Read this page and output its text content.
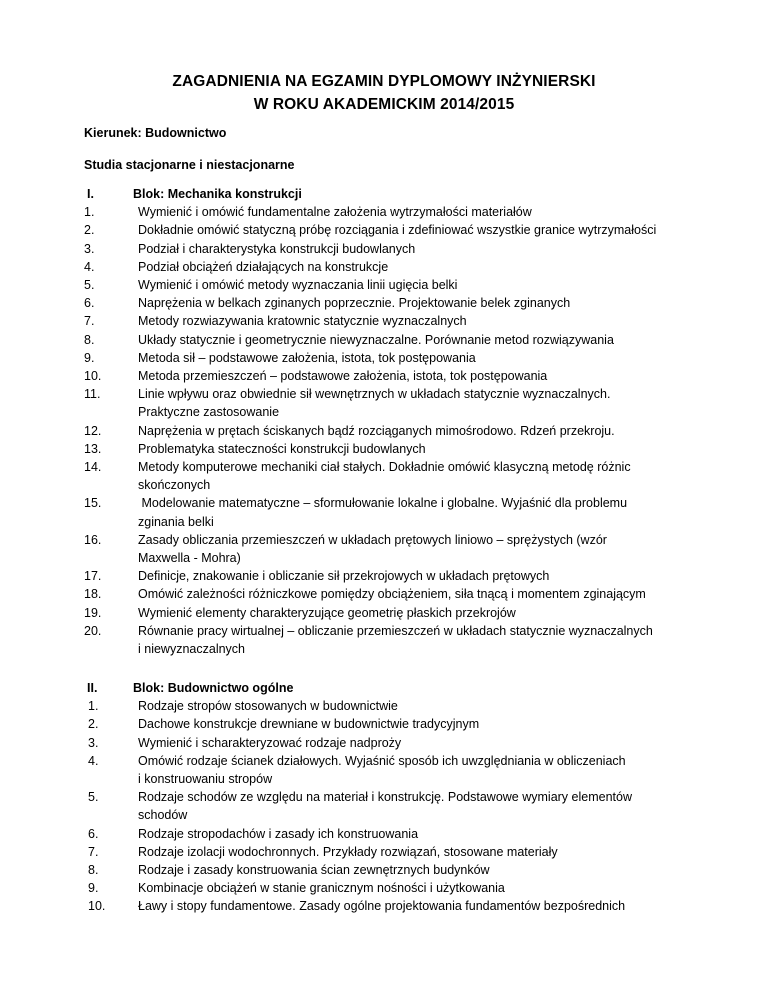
ZAGADNIENIA NA EGZAMIN DYPLOMOWY INŻYNIERSKI
W ROKU AKADEMICKIM 2014/2015
Kierunek: Budownictwo
Studia stacjonarne i niestacjonarne
I.	Blok: Mechanika konstrukcji
1.	Wymienić i omówić fundamentalne założenia wytrzymałości materiałów
2.	Dokładnie omówić statyczną próbę rozciągania i zdefiniować wszystkie granice wytrzymałości
3.	Podział i charakterystyka konstrukcji budowlanych
4.	Podział obciążeń działających na konstrukcje
5.	Wymienić i omówić metody wyznaczania linii ugięcia belki
6.	Naprężenia w belkach zginanych poprzecznie. Projektowanie belek zginanych
7.	Metody rozwiazywania kratownic statycznie wyznaczalnych
8.	Układy statycznie i geometrycznie niewyznaczalne. Porównanie metod rozwiązywania
9.	Metoda sił – podstawowe założenia, istota, tok postępowania
10.	Metoda przemieszczeń – podstawowe założenia, istota, tok postępowania
11.	Linie wpływu oraz obwiednie sił wewnętrznych w układach statycznie wyznaczalnych.
Praktyczne zastosowanie
12.	Naprężenia w prętach ściskanych bądź rozciąganych mimośrodowo. Rdzeń przekroju.
13.	Problematyka stateczności konstrukcji budowlanych
14.	Metody komputerowe mechaniki ciał stałych. Dokładnie omówić klasyczną metodę różnic
skończonych
15.	Modelowanie matematyczne – sformułowanie lokalne i globalne. Wyjaśnić dla problemu
zginania belki
16.	Zasady obliczania przemieszczeń w układach prętowych liniowo – sprężystych (wzór
Maxwella - Mohra)
17.	Definicje, znakowanie i obliczanie sił przekrojowych w układach prętowych
18.	Omówić zależności różniczkowe pomiędzy obciążeniem, siła tnącą i momentem zginającym
19.	Wymienić elementy charakteryzujące geometrię płaskich przekrojów
20.	Równanie pracy wirtualnej – obliczanie przemieszczeń w układach statycznie wyznaczalnych
i niewyznaczalnych
II.	Blok: Budownictwo ogólne
1.	Rodzaje stropów stosowanych w budownictwie
2.	Dachowe konstrukcje drewniane w budownictwie tradycyjnym
3.	Wymienić i scharakteryzować rodzaje nadproży
4.	Omówić rodzaje ścianek działowych. Wyjaśnić sposób ich uwzględniania w obliczeniach
i konstruowaniu stropów
5.	Rodzaje schodów ze względu na materiał i konstrukcję. Podstawowe wymiary elementów
schodów
6.	Rodzaje stropodachów i zasady ich konstruowania
7.	Rodzaje izolacji wodochronnych. Przykłady rozwiązań, stosowane materiały
8.	Rodzaje i zasady konstruowania ścian zewnętrznych budynków
9.	Kombinacje obciążeń w stanie granicznym nośności i użytkowania
10.	Ławy i stopy fundamentowe. Zasady ogólne projektowania fundamentów bezpośrednich
